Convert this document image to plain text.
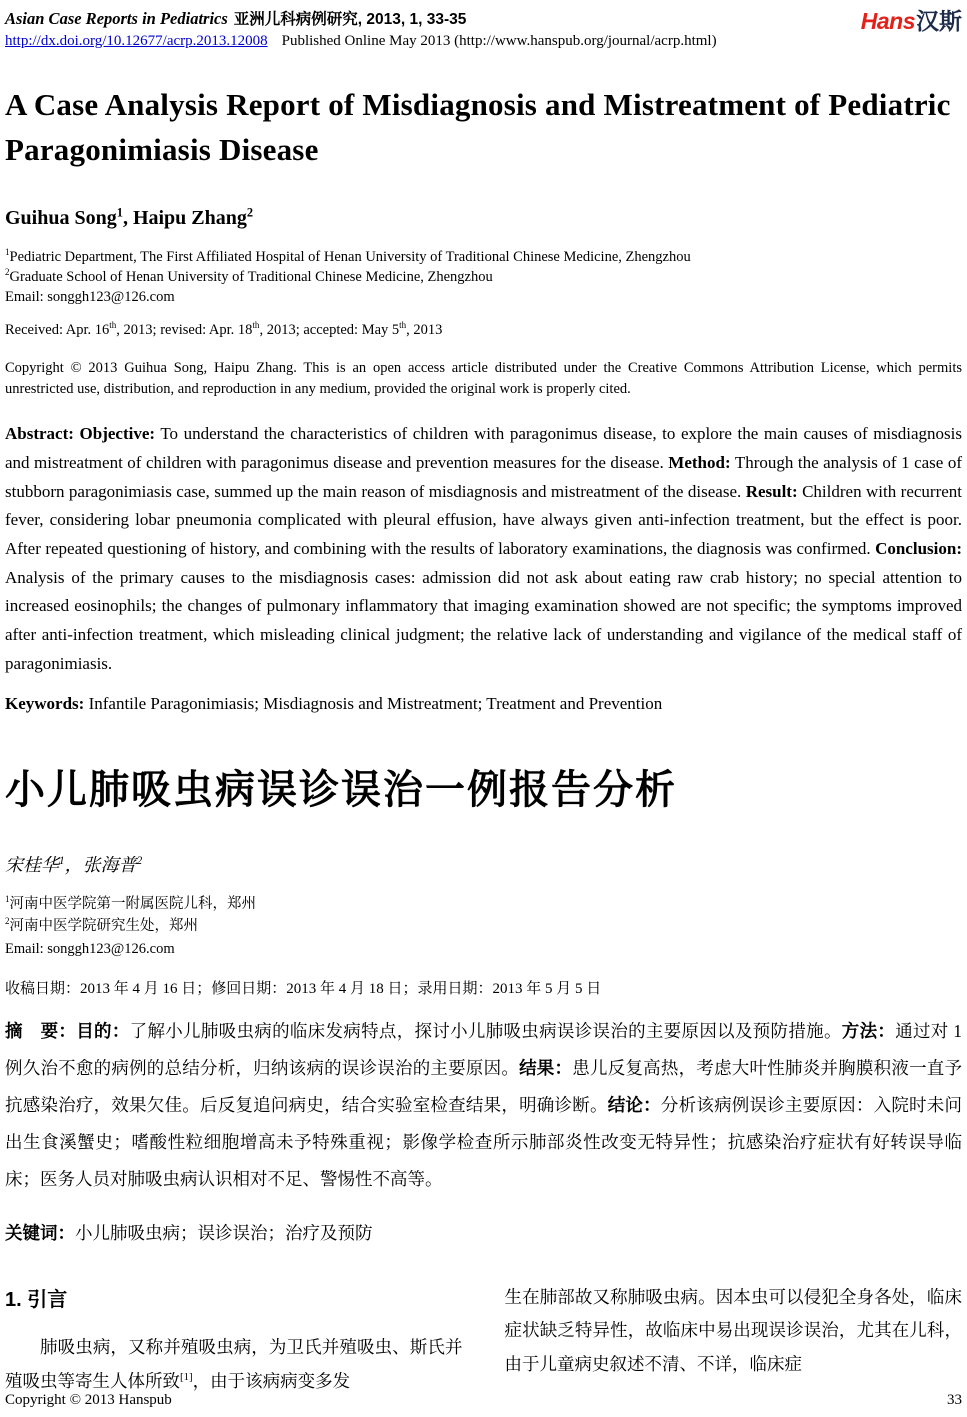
Asian Case Reports in Pediatrics 亚洲儿科病例研究, 2013, 1, 33-35
http://dx.doi.org/10.12677/acrp.2013.12008 Published Online May 2013 (http://www.hanspub.org/journal/acrp.html)
Hans汉斯
A Case Analysis Report of Misdiagnosis and Mistreatment of Pediatric Paragonimiasis Disease
Guihua Song$^1$, Haipu Zhang$^2$
$^1$Pediatric Department, The First Affiliated Hospital of Henan University of Traditional Chinese Medicine, Zhengzhou
$^2$Graduate School of Henan University of Traditional Chinese Medicine, Zhengzhou
Email: songgh123@126.com
Received: Apr. 16th, 2013; revised: Apr. 18th, 2013; accepted: May 5th, 2013
Copyright © 2013 Guihua Song, Haipu Zhang. This is an open access article distributed under the Creative Commons Attribution License, which permits unrestricted use, distribution, and reproduction in any medium, provided the original work is properly cited.
Abstract: Objective: To understand the characteristics of children with paragonimus disease, to explore the main causes of misdiagnosis and mistreatment of children with paragonimus disease and prevention measures for the disease. Method: Through the analysis of 1 case of stubborn paragonimiasis case, summed up the main reason of misdiagnosis and mistreatment of the disease. Result: Children with recurrent fever, considering lobar pneumonia complicated with pleural effusion, have always given anti-infection treatment, but the effect is poor. After repeated questioning of history, and combining with the results of laboratory examinations, the diagnosis was confirmed. Conclusion: Analysis of the primary causes to the misdiagnosis cases: admission did not ask about eating raw crab history; no special attention to increased eosinophils; the changes of pulmonary inflammatory that imaging examination showed are not specific; the symptoms improved after anti-infection treatment, which misleading clinical judgment; the relative lack of understanding and vigilance of the medical staff of paragonimiasis.
Keywords: Infantile Paragonimiasis; Misdiagnosis and Mistreatment; Treatment and Prevention
小儿肺吸虫病误诊误治一例报告分析
宋桂华$^1$，张海普$^2$
$^1$河南中医学院第一附属医院儿科，郑州
$^2$河南中医学院研究生处，郑州
Email: songgh123@126.com
收稿日期：2013 年 4 月 16 日；修回日期：2013 年 4 月 18 日；录用日期：2013 年 5 月 5 日
摘　要：目的：了解小儿肺吸虫病的临床发病特点，探讨小儿肺吸虫病误诊误治的主要原因以及预防措施。方法：通过对 1 例久治不愈的病例的总结分析，归纳该病的误诊误治的主要原因。结果：患儿反复高热，考虑大叶性肺炎并胸膜积液一直予抗感染治疗，效果欠佳。后反复追问病史，结合实验室检查结果，明确诊断。结论：分析该病例误诊主要原因：入院时未问出生食溪蟹史；嗜酸性粒细胞增高未予特殊重视；影像学检查所示肺部炎性改变无特异性；抗感染治疗症状有好转误导临床；医务人员对肺吸虫病认识相对不足、警惕性不高等。
关键词：小儿肺吸虫病；误诊误治；治疗及预防
1. 引言
肺吸虫病，又称并殖吸虫病，为卫氏并殖吸虫、斯氏并殖吸虫等寄生人体所致[1]，由于该病病变多发
生在肺部故又称肺吸虫病。因本虫可以侵犯全身各处，临床症状缺乏特异性，故临床中易出现误诊误治，尤其在儿科，由于儿童病史叙述不清、不详，临床症
Copyright © 2013 Hanspub	33
